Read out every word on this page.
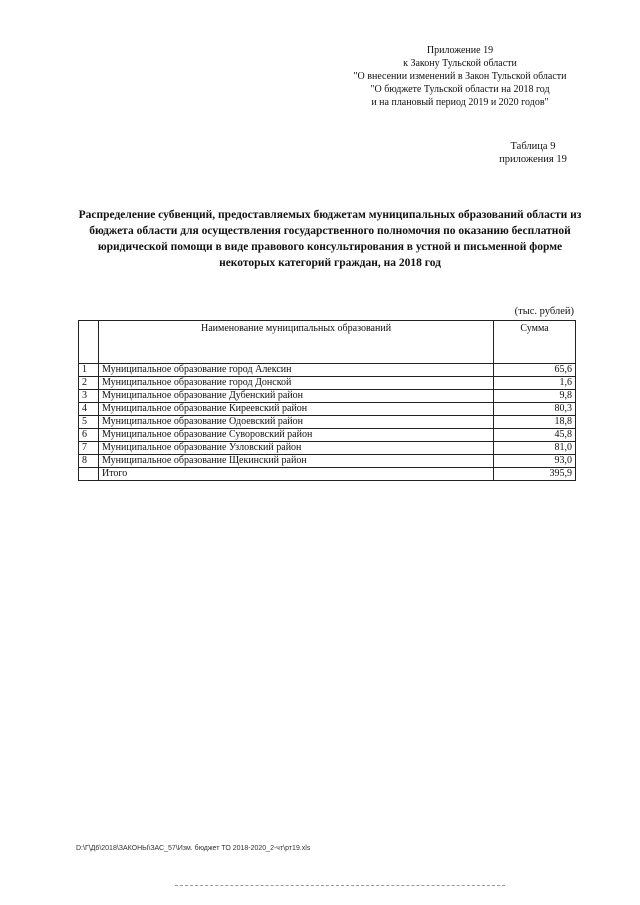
Приложение 19
к Закону Тульской области
"О внесении изменений в Закон Тульской области
"О бюджете Тульской области на 2018 год
и на плановый период 2019 и 2020 годов"
Таблица 9
приложения 19
Распределение субвенций, предоставляемых бюджетам муниципальных образований области из бюджета области для осуществления государственного полномочия по оказанию бесплатной юридической помощи в виде правового консультирования в устной и письменной форме некоторых категорий граждан, на 2018 год
(тыс. рублей)
	Наименование муниципальных образований	Сумма
1	Муниципальное образование город Алексин	65,6
2	Муниципальное образование город Донской	1,6
3	Муниципальное образование Дубенский район	9,8
4	Муниципальное образование Киреевский район	80,3
5	Муниципальное образование Одоевский район	18,8
6	Муниципальное образование Суворовский район	45,8
7	Муниципальное образование Узловский район	81,0
8	Муниципальное образование Щекинский район	93,0
	Итого	395,9
D:\Г\Д6\2018\ЗАКОНЫ\ЗАС_57\Изм. бюджет ТО 2018-2020_2-чт\рт19.xls
